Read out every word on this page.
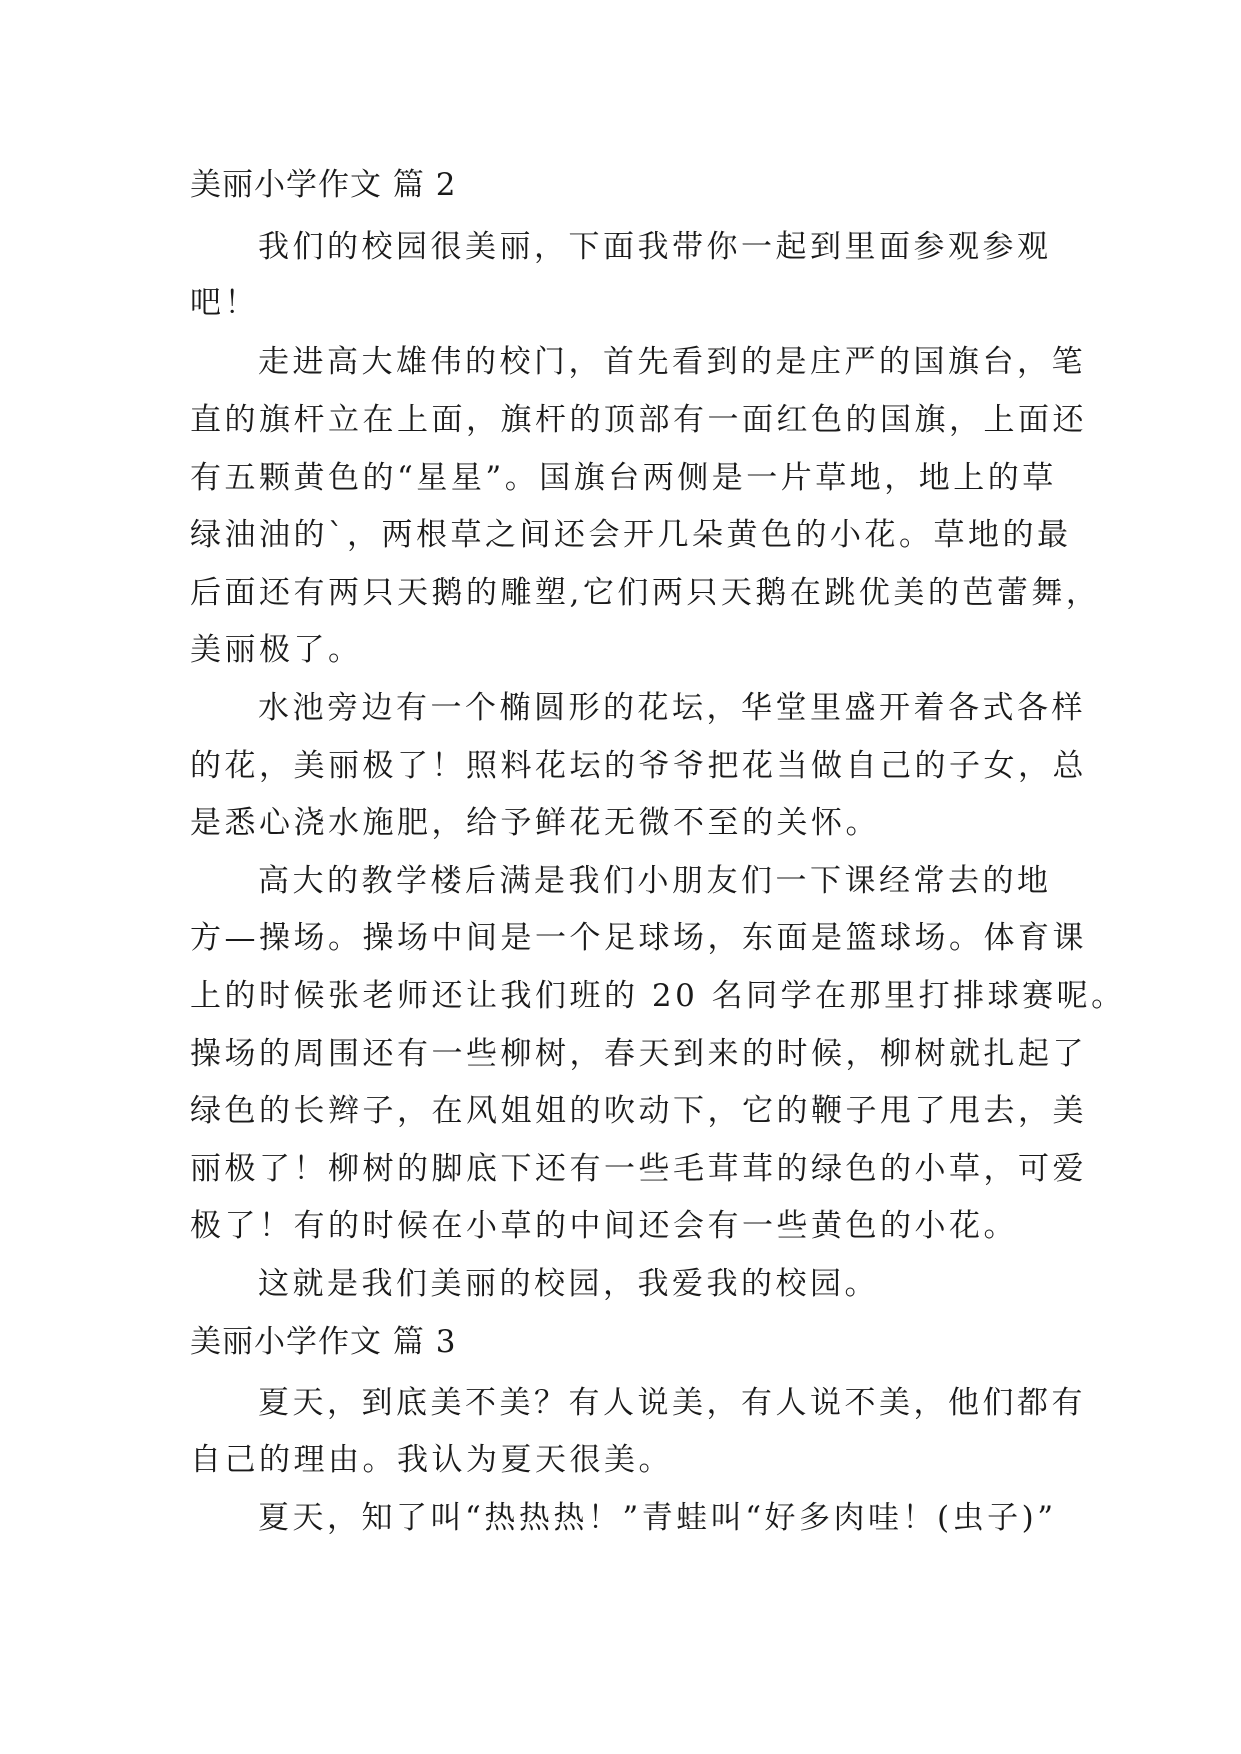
美丽小学作文 篇 2
我们的校园很美丽，下面我带你一起到里面参观参观
吧！
走进高大雄伟的校门，首先看到的是庄严的国旗台，笔
直的旗杆立在上面，旗杆的顶部有一面红色的国旗，上面还
有五颗黄色的“星星”。国旗台两侧是一片草地，地上的草
绿油油的`，两根草之间还会开几朵黄色的小花。草地的最
后面还有两只天鹅的雕塑,它们两只天鹅在跳优美的芭蕾舞，
美丽极了。
水池旁边有一个椭圆形的花坛，华堂里盛开着各式各样
的花，美丽极了！照料花坛的爷爷把花当做自己的子女，总
是悉心浇水施肥，给予鲜花无微不至的关怀。
高大的教学楼后满是我们小朋友们一下课经常去的地
方—操场。操场中间是一个足球场，东面是篮球场。体育课
上的时候张老师还让我们班的 20 名同学在那里打排球赛呢。
操场的周围还有一些柳树，春天到来的时候，柳树就扎起了
绿色的长辫子，在风姐姐的吹动下，它的鞭子甩了甩去，美
丽极了！柳树的脚底下还有一些毛茸茸的绿色的小草，可爱
极了！有的时候在小草的中间还会有一些黄色的小花。
这就是我们美丽的校园，我爱我的校园。
美丽小学作文 篇 3
夏天，到底美不美？有人说美，有人说不美，他们都有
自己的理由。我认为夏天很美。
夏天，知了叫“热热热！”青蛙叫“好多肉哇！(虫子)”
